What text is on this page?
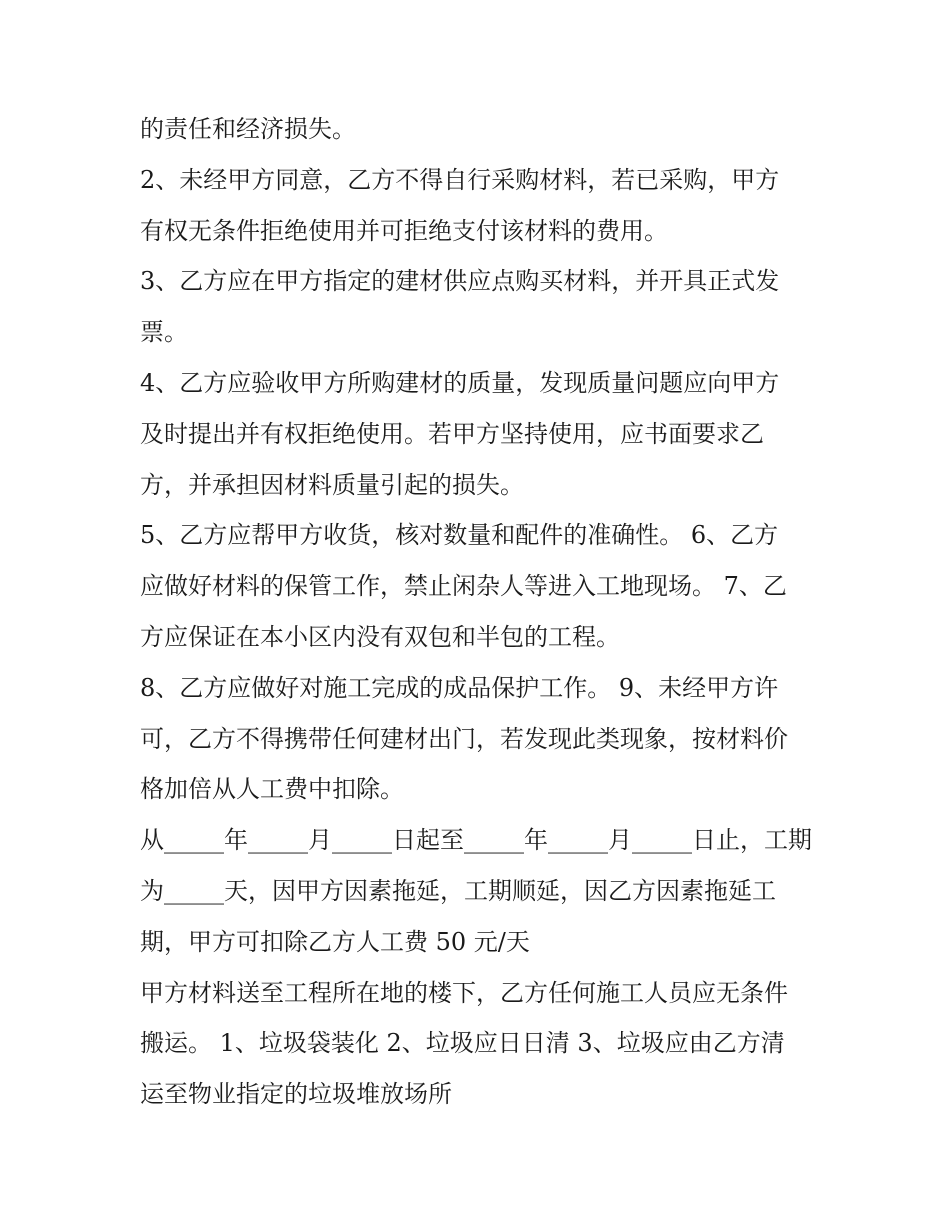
的责任和经济损失。
2、未经甲方同意，乙方不得自行采购材料，若已采购，甲方
有权无条件拒绝使用并可拒绝支付该材料的费用。
3、乙方应在甲方指定的建材供应点购买材料，并开具正式发
票。
4、乙方应验收甲方所购建材的质量，发现质量问题应向甲方
及时提出并有权拒绝使用。若甲方坚持使用，应书面要求乙
方，并承担因材料质量引起的损失。
5、乙方应帮甲方收货，核对数量和配件的准确性。 6、乙方
应做好材料的保管工作，禁止闲杂人等进入工地现场。 7、乙
方应保证在本小区内没有双包和半包的工程。
8、乙方应做好对施工完成的成品保护工作。 9、未经甲方许
可，乙方不得携带任何建材出门，若发现此类现象，按材料价
格加倍从人工费中扣除。
从_____年_____月_____日起至_____年_____月_____日止，工期
为_____天，因甲方因素拖延，工期顺延，因乙方因素拖延工
期，甲方可扣除乙方人工费 50 元/天
甲方材料送至工程所在地的楼下，乙方任何施工人员应无条件
搬运。 1、垃圾袋装化 2、垃圾应日日清 3、垃圾应由乙方清
运至物业指定的垃圾堆放场所
